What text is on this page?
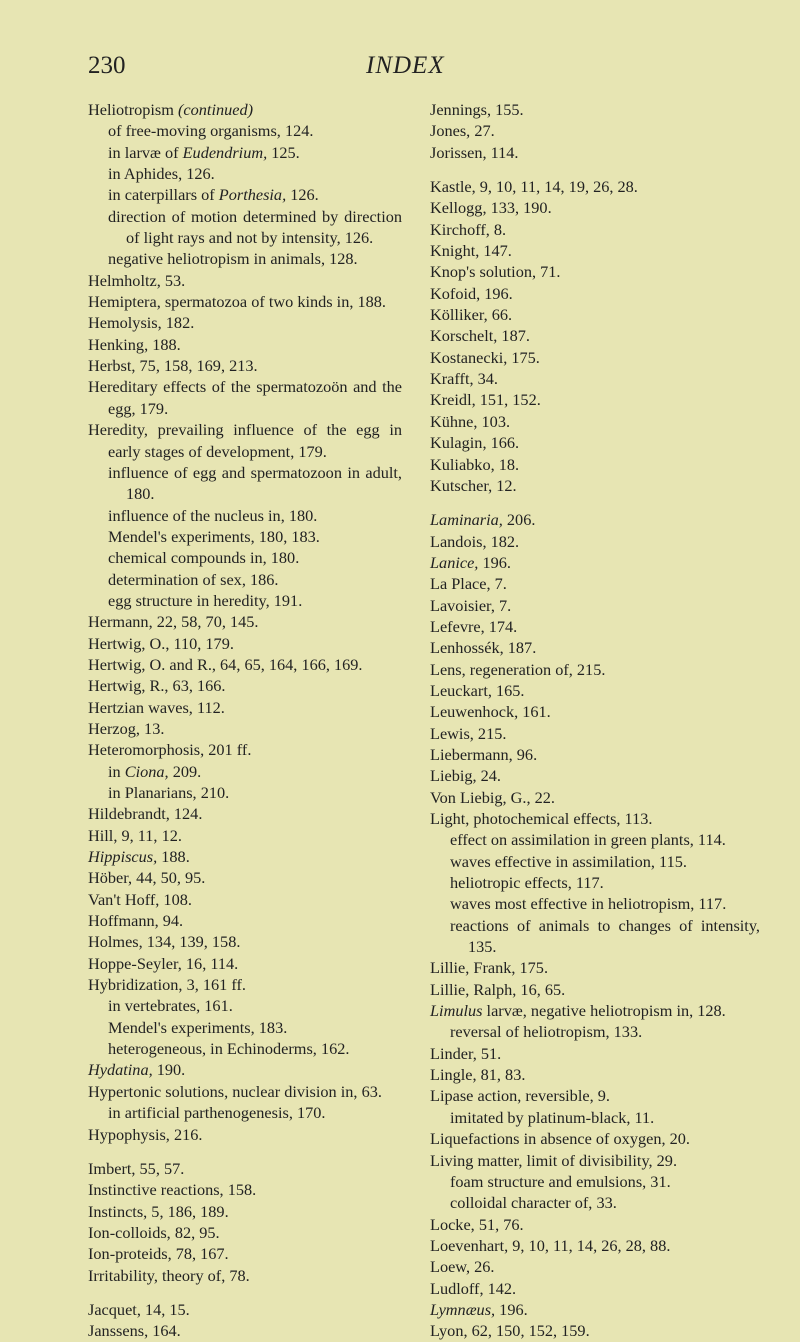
230	INDEX
Heliotropism (continued)
of free-moving organisms, 124.
in larvæ of Eudendrium, 125.
in Aphides, 126.
in caterpillars of Porthesia, 126.
direction of motion determined by direction of light rays and not by intensity, 126.
negative heliotropism in animals, 128.
Helmholtz, 53.
Hemiptera, spermatozoa of two kinds in, 188.
Hemolysis, 182.
Henking, 188.
Herbst, 75, 158, 169, 213.
Hereditary effects of the spermatozoön and the egg, 179.
Heredity, prevailing influence of the egg in early stages of development, 179.
influence of egg and spermatozoon in adult, 180.
influence of the nucleus in, 180.
Mendel's experiments, 180, 183.
chemical compounds in, 180.
determination of sex, 186.
egg structure in heredity, 191.
Hermann, 22, 58, 70, 145.
Hertwig, O., 110, 179.
Hertwig, O. and R., 64, 65, 164, 166, 169.
Hertwig, R., 63, 166.
Hertzian waves, 112.
Herzog, 13.
Heteromorphosis, 201 ff.
in Ciona, 209.
in Planarians, 210.
Hildebrandt, 124.
Hill, 9, 11, 12.
Hippiscus, 188.
Höber, 44, 50, 95.
Van't Hoff, 108.
Hoffmann, 94.
Holmes, 134, 139, 158.
Hoppe-Seyler, 16, 114.
Hybridization, 3, 161 ff.
in vertebrates, 161.
Mendel's experiments, 183.
heterogeneous, in Echinoderms, 162.
Hydatina, 190.
Hypertonic solutions, nuclear division in, 63.
in artificial parthenogenesis, 170.
Hypophysis, 216.
Imbert, 55, 57.
Instinctive reactions, 158.
Instincts, 5, 186, 189.
Ion-colloids, 82, 95.
Ion-proteids, 78, 167.
Irritability, theory of, 78.
Jacquet, 14, 15.
Janssens, 164.
Jennings, 155.
Jones, 27.
Jorissen, 114.
Kastle, 9, 10, 11, 14, 19, 26, 28.
Kellogg, 133, 190.
Kirchoff, 8.
Knight, 147.
Knop's solution, 71.
Kofoid, 196.
Kölliker, 66.
Korschelt, 187.
Kostanecki, 175.
Krafft, 34.
Kreidl, 151, 152.
Kühne, 103.
Kulagin, 166.
Kuliabko, 18.
Kutscher, 12.
Laminaria, 206.
Landois, 182.
Lanice, 196.
La Place, 7.
Lavoisier, 7.
Lefevre, 174.
Lenhossék, 187.
Lens, regeneration of, 215.
Leuckart, 165.
Leuwenhock, 161.
Lewis, 215.
Liebermann, 96.
Liebig, 24.
Von Liebig, G., 22.
Light, photochemical effects, 113.
effect on assimilation in green plants, 114.
waves effective in assimilation, 115.
heliotropic effects, 117.
waves most effective in heliotropism, 117.
reactions of animals to changes of intensity, 135.
Lillie, Frank, 175.
Lillie, Ralph, 16, 65.
Limulus larvæ, negative heliotropism in, 128.
reversal of heliotropism, 133.
Linder, 51.
Lingle, 81, 83.
Lipase action, reversible, 9.
imitated by platinum-black, 11.
Liquefactions in absence of oxygen, 20.
Living matter, limit of divisibility, 29.
foam structure and emulsions, 31.
colloidal character of, 33.
Locke, 51, 76.
Loevenhart, 9, 10, 11, 14, 26, 28, 88.
Loew, 26.
Ludloff, 142.
Lymnæus, 196.
Lyon, 62, 150, 152, 159.
